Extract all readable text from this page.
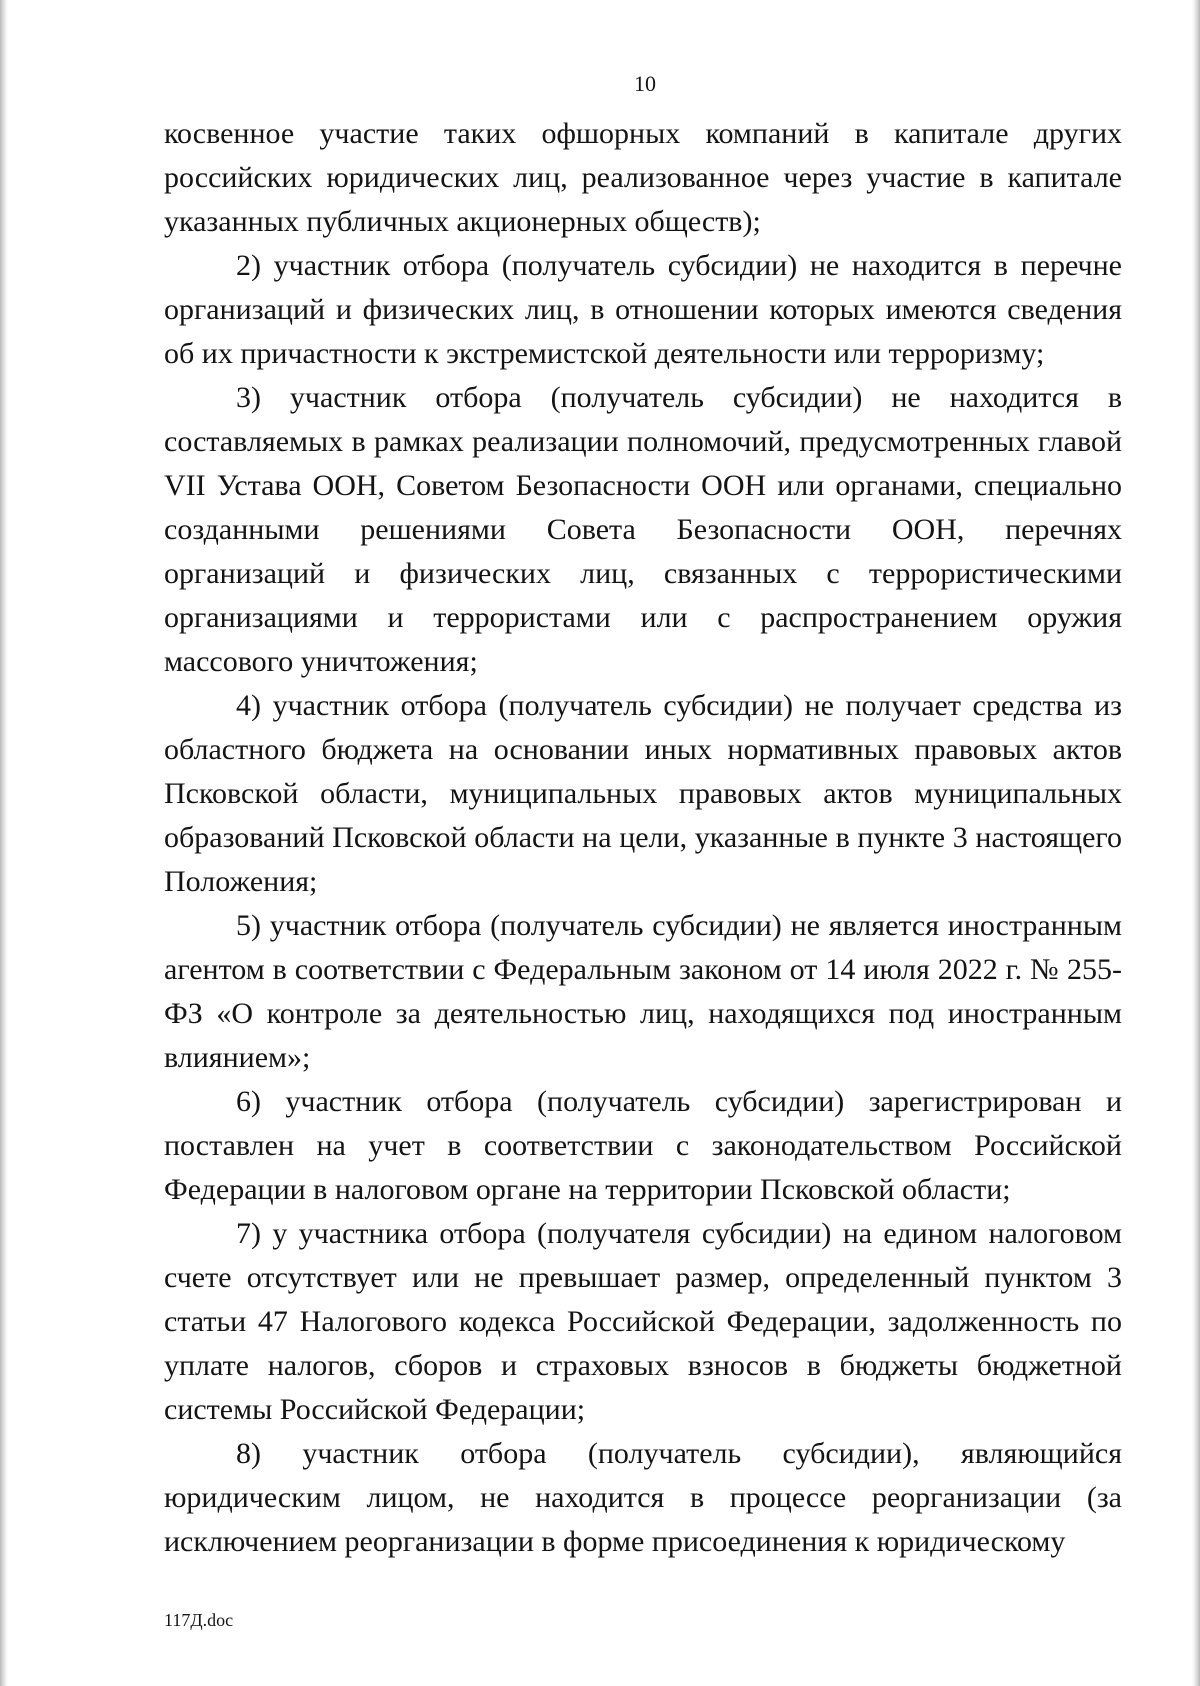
10

косвенное участие таких офшорных компаний в капитале других российских юридических лиц, реализованное через участие в капитале указанных публичных акционерных обществ);

2) участник отбора (получатель субсидии) не находится в перечне организаций и физических лиц, в отношении которых имеются сведения об их причастности к экстремистской деятельности или терроризму;

3) участник отбора (получатель субсидии) не находится в составляемых в рамках реализации полномочий, предусмотренных главой VII Устава ООН, Советом Безопасности ООН или органами, специально созданными решениями Совета Безопасности ООН, перечнях организаций и физических лиц, связанных с террористическими организациями и террористами или с распространением оружия массового уничтожения;

4) участник отбора (получатель субсидии) не получает средства из областного бюджета на основании иных нормативных правовых актов Псковской области, муниципальных правовых актов муниципальных образований Псковской области на цели, указанные в пункте 3 настоящего Положения;

5) участник отбора (получатель субсидии) не является иностранным агентом в соответствии с Федеральным законом от 14 июля 2022 г. № 255-ФЗ «О контроле за деятельностью лиц, находящихся под иностранным влиянием»;

6) участник отбора (получатель субсидии) зарегистрирован и поставлен на учет в соответствии с законодательством Российской Федерации в налоговом органе на территории Псковской области;

7) у участника отбора (получателя субсидии) на едином налоговом счете отсутствует или не превышает размер, определенный пунктом 3 статьи 47 Налогового кодекса Российской Федерации, задолженность по уплате налогов, сборов и страховых взносов в бюджеты бюджетной системы Российской Федерации;

8) участник отбора (получатель субсидии), являющийся юридическим лицом, не находится в процессе реорганизации (за исключением реорганизации в форме присоединения к юридическому

117Д.doc
